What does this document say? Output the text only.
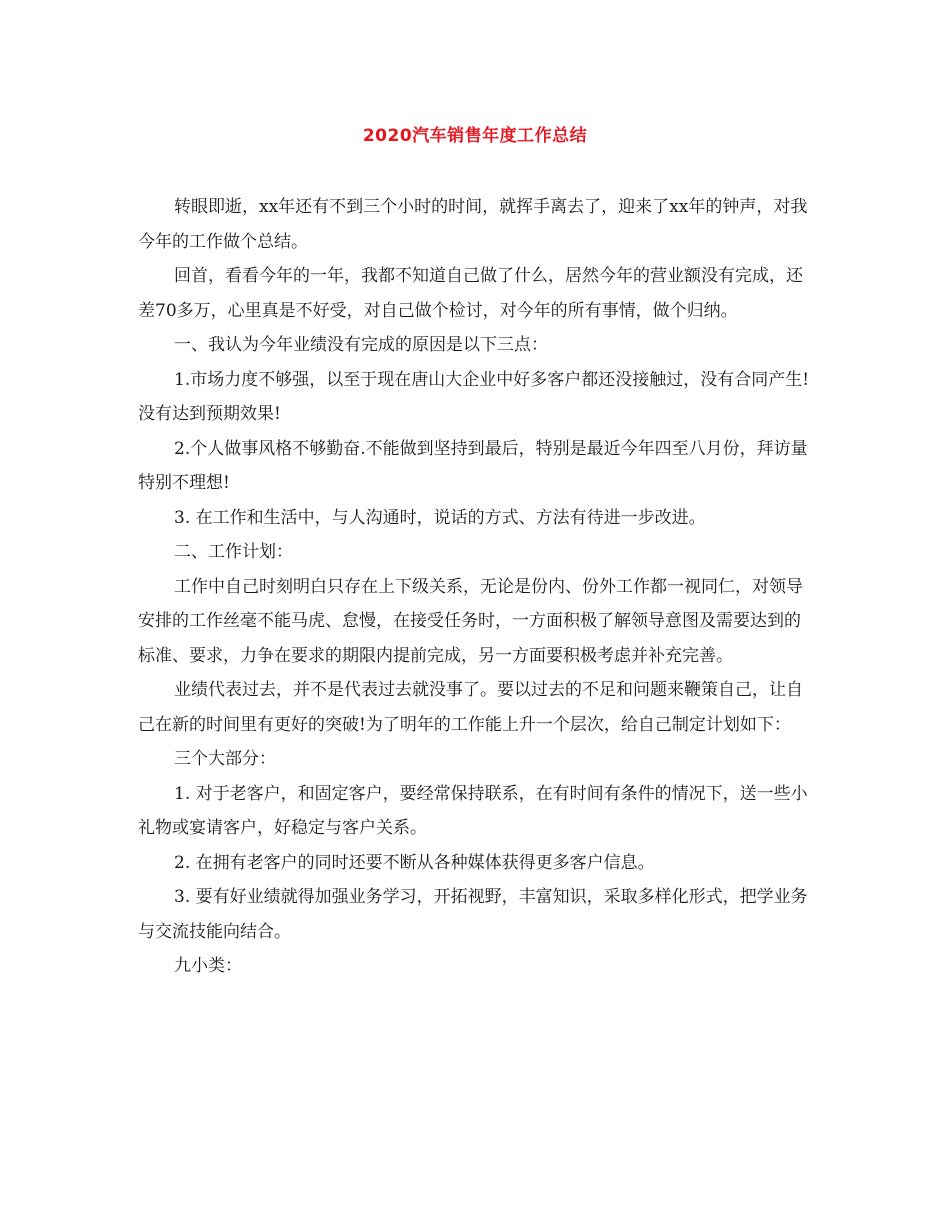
2020汽车销售年度工作总结

转眼即逝，xx年还有不到三个小时的时间，就挥手离去了，迎来了xx年的钟声，对我今年的工作做个总结。

回首，看看今年的一年，我都不知道自己做了什么，居然今年的营业额没有完成，还差70多万，心里真是不好受，对自己做个检讨，对今年的所有事情，做个归纳。

一、我认为今年业绩没有完成的原因是以下三点：

1.市场力度不够强，以至于现在唐山大企业中好多客户都还没接触过，没有合同产生!没有达到预期效果!

2.个人做事风格不够勤奋.不能做到坚持到最后，特别是最近今年四至八月份，拜访量特别不理想!

3. 在工作和生活中，与人沟通时，说话的方式、方法有待进一步改进。

二、工作计划：

工作中自己时刻明白只存在上下级关系，无论是份内、份外工作都一视同仁，对领导安排的工作丝毫不能马虎、怠慢，在接受任务时，一方面积极了解领导意图及需要达到的标准、要求，力争在要求的期限内提前完成，另一方面要积极考虑并补充完善。

业绩代表过去，并不是代表过去就没事了。要以过去的不足和问题来鞭策自己，让自己在新的时间里有更好的突破!为了明年的工作能上升一个层次，给自己制定计划如下：

三个大部分：

1. 对于老客户，和固定客户，要经常保持联系，在有时间有条件的情况下，送一些小礼物或宴请客户，好稳定与客户关系。

2. 在拥有老客户的同时还要不断从各种媒体获得更多客户信息。

3. 要有好业绩就得加强业务学习，开拓视野，丰富知识，采取多样化形式，把学业务与交流技能向结合。

九小类：
